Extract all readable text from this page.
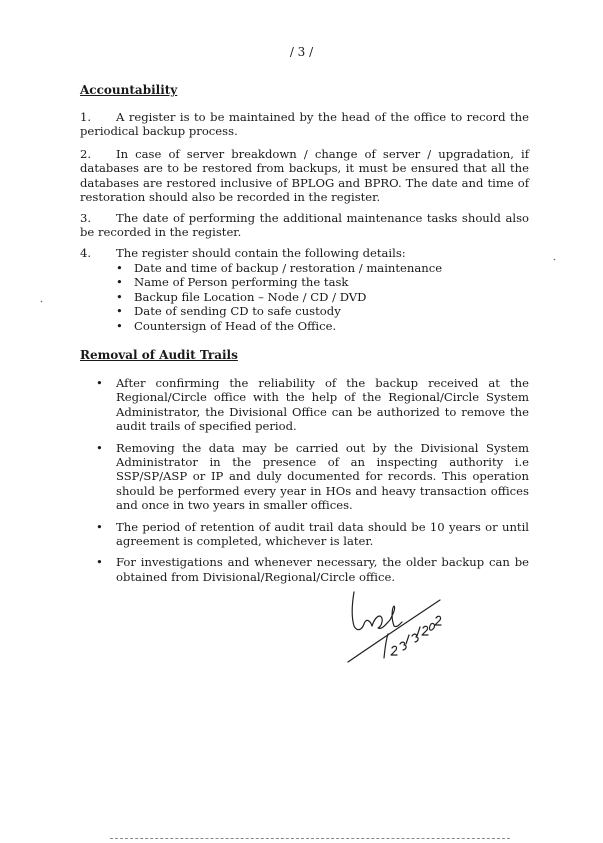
/ 3 /
Accountability

1. A register is to be maintained by the head of the office to record the periodical backup process.

2. In case of server breakdown / change of server / upgradation, if databases are to be restored from backups, it must be ensured that all the databases are restored inclusive of BPLOG and BPRO. The date and time of restoration should also be recorded in the register.

3. The date of performing the additional maintenance tasks should also be recorded in the register.

4. The register should contain the following details:

• Date and time of backup / restoration / maintenance
• Name of Person performing the task
• Backup file Location – Node / CD / DVD
• Date of sending CD to safe custody
• Countersign of Head of the Office.
Removal of Audit Trails
• After confirming the reliability of the backup received at the Regional/Circle office with the help of the Regional/Circle System Administrator, the Divisional Office can be authorized to remove the audit trails of specified period.
• Removing the data may be carried out by the Divisional System Administrator in the presence of an inspecting authority i.e SSP/SP/ASP or IP and duly documented for records. This operation should be performed every year in HOs and heavy transaction offices and once in two years in smaller offices.
• The period of retention of audit trail data should be 10 years or until agreement is completed, whichever is later.
• For investigations and whenever necessary, the older backup can be obtained from Divisional/Regional/Circle office.
